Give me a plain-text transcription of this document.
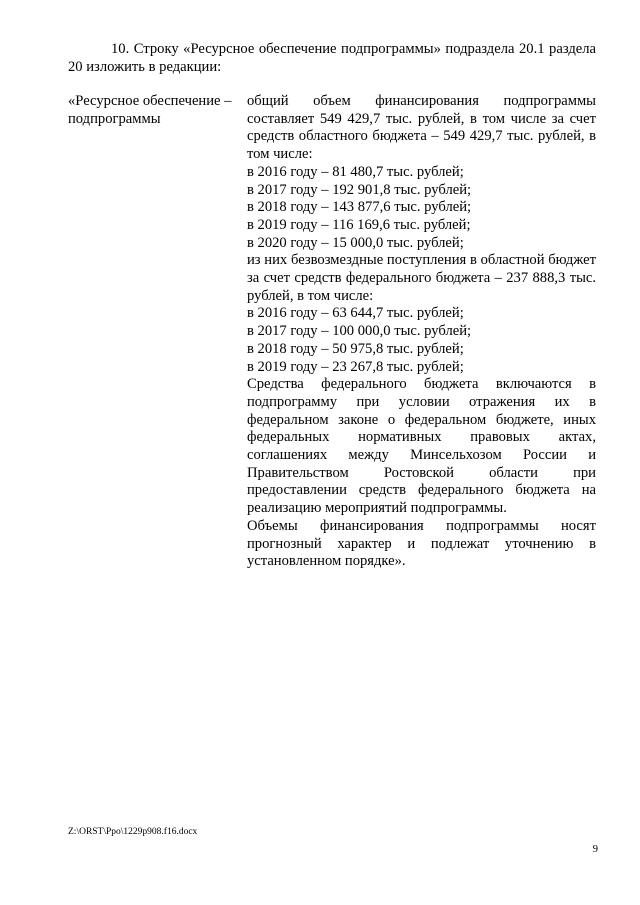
10. Строку «Ресурсное обеспечение подпрограммы» подраздела 20.1 раздела 20 изложить в редакции:

«Ресурсное обеспечение – подпрограммы

общий объем финансирования подпрограммы составляет 549 429,7 тыс. рублей, в том числе за счет средств областного бюджета – 549 429,7 тыс. рублей, в том числе:

в 2016 году – 81 480,7 тыс. рублей;

в 2017 году – 192 901,8 тыс. рублей;

в 2018 году – 143 877,6 тыс. рублей;

в 2019 году – 116 169,6 тыс. рублей;

в 2020 году – 15 000,0 тыс. рублей;

из них безвозмездные поступления в областной бюджет за счет средств федерального бюджета – 237 888,3 тыс. рублей, в том числе:

в 2016 году – 63 644,7 тыс. рублей;

в 2017 году – 100 000,0 тыс. рублей;

в 2018 году – 50 975,8 тыс. рублей;

в 2019 году – 23 267,8 тыс. рублей;

Средства федерального бюджета включаются в подпрограмму при условии отражения их в федеральном законе о федеральном бюджете, иных федеральных нормативных правовых актах, соглашениях между Минсельхозом России и Правительством Ростовской области при предоставлении средств федерального бюджета на реализацию мероприятий подпрограммы.

Объемы финансирования подпрограммы носят прогнозный характер и подлежат уточнению в установленном порядке».

Z:\ORST\Ppo\1229p908.f16.docx
9
